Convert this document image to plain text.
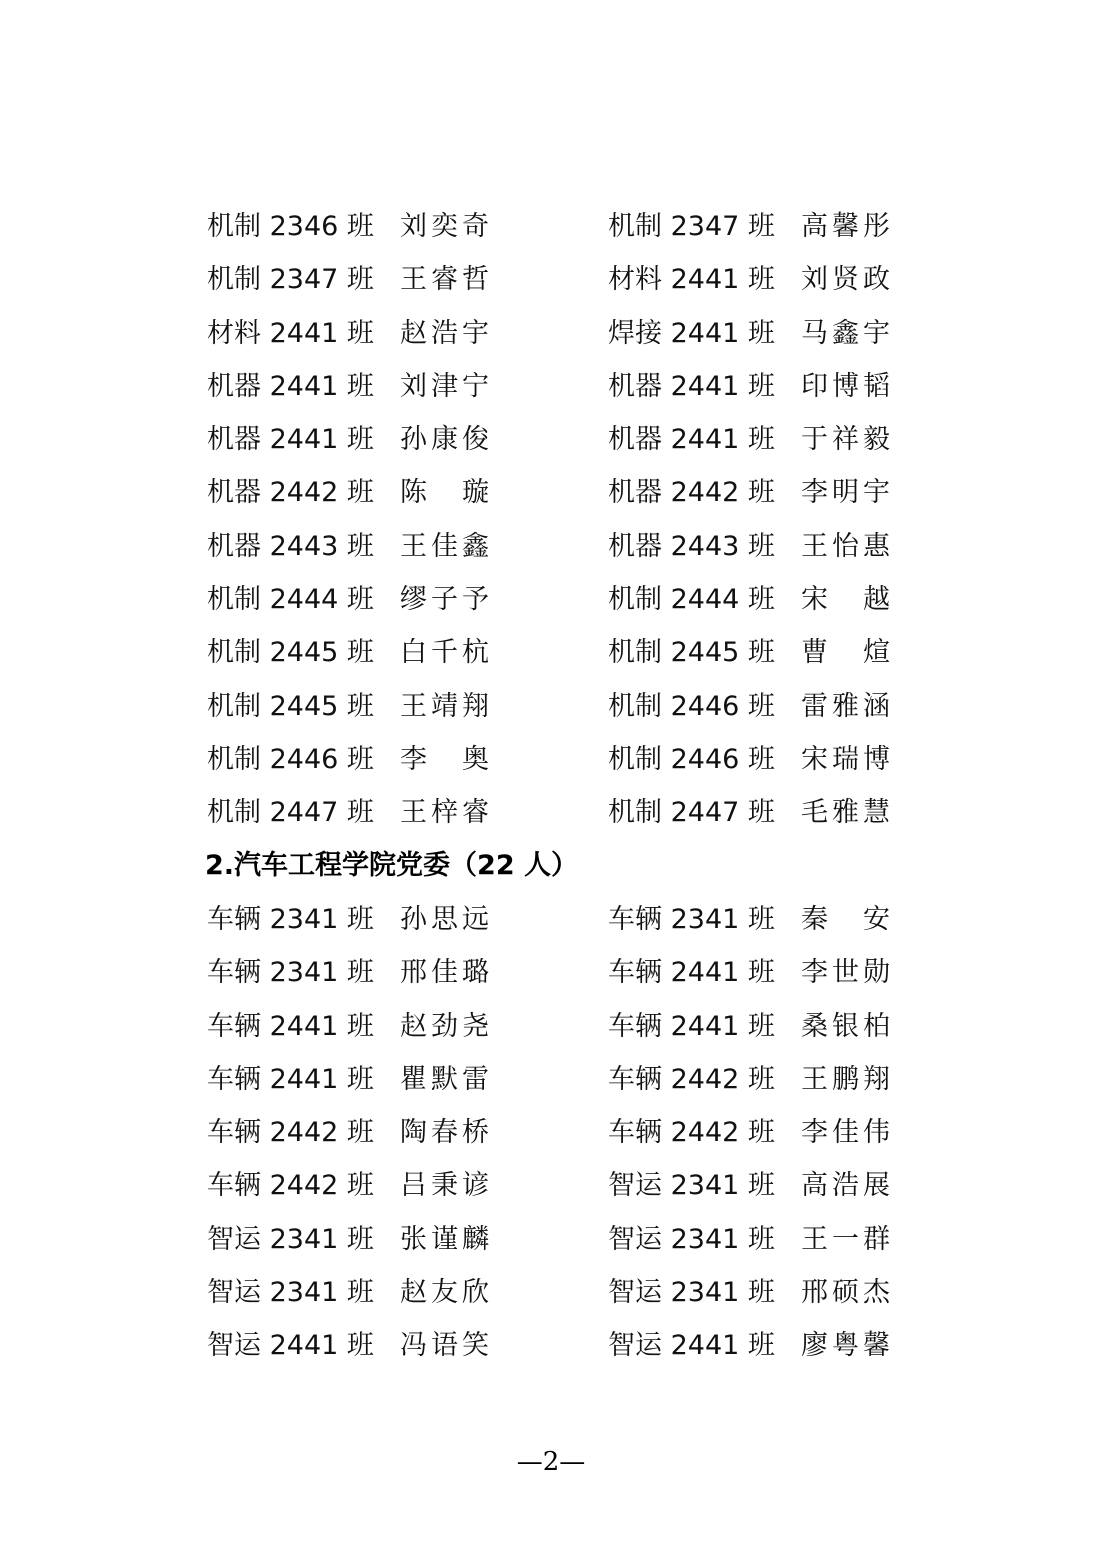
机制 2346 班 刘奕奇	机制 2347 班 高馨彤
机制 2347 班 王睿哲	材料 2441 班 刘贤政
材料 2441 班 赵浩宇	焊接 2441 班 马鑫宇
机器 2441 班 刘津宁	机器 2441 班 印博韬
机器 2441 班 孙康俊	机器 2441 班 于祥毅
机器 2442 班 陈　璇	机器 2442 班 李明宇
机器 2443 班 王佳鑫	机器 2443 班 王怡惠
机制 2444 班 缪子予	机制 2444 班 宋　越
机制 2445 班 白千杭	机制 2445 班 曹　煊
机制 2445 班 王靖翔	机制 2446 班 雷雅涵
机制 2446 班 李　奥	机制 2446 班 宋瑞博
机制 2447 班 王梓睿	机制 2447 班 毛雅慧
2.汽车工程学院党委（22 人）
车辆 2341 班 孙思远	车辆 2341 班 秦　安
车辆 2341 班 邢佳璐	车辆 2441 班 李世勋
车辆 2441 班 赵劲尧	车辆 2441 班 桑银柏
车辆 2441 班 瞿默雷	车辆 2442 班 王鹏翔
车辆 2442 班 陶春桥	车辆 2442 班 李佳伟
车辆 2442 班 吕秉谚	智运 2341 班 高浩展
智运 2341 班 张谨麟	智运 2341 班 王一群
智运 2341 班 赵友欣	智运 2341 班 邢硕杰
智运 2441 班 冯语笑	智运 2441 班 廖粤馨
—2—
